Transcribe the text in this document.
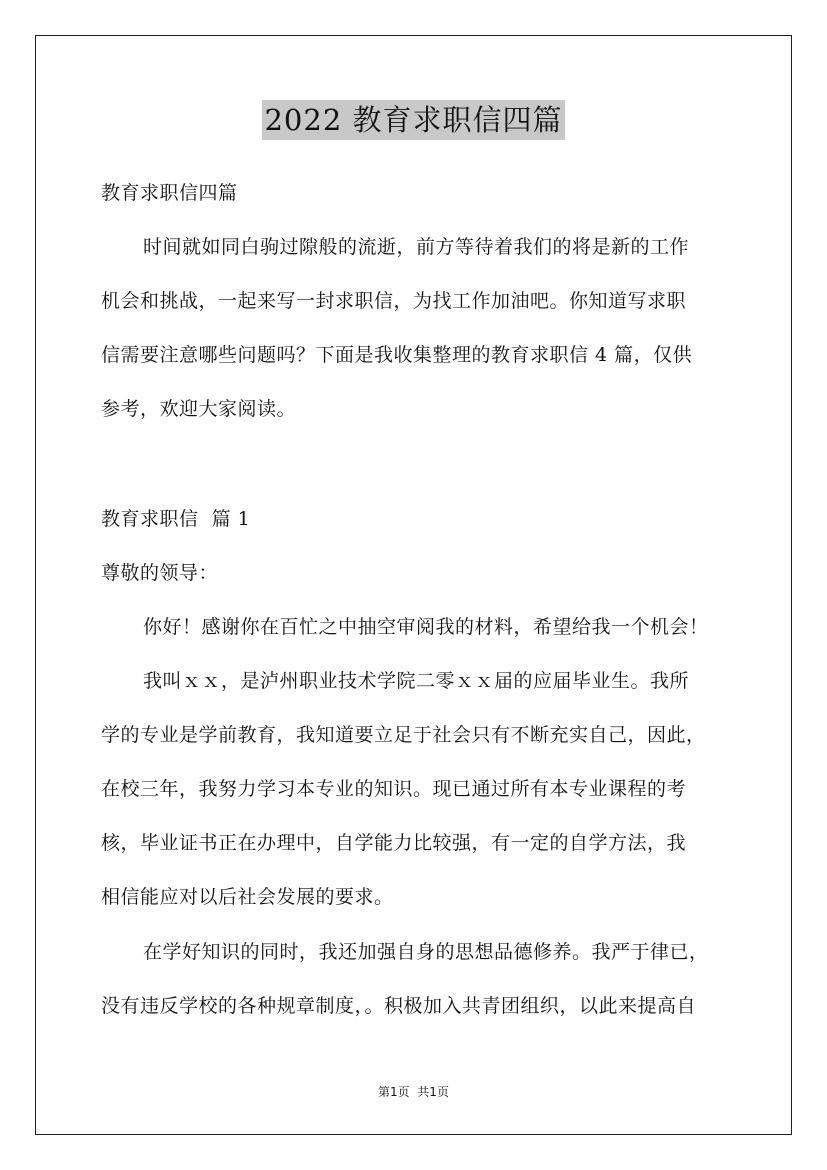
2022 教育求职信四篇
教育求职信四篇
时间就如同白驹过隙般的流逝，前方等待着我们的将是新的工作
机会和挑战，一起来写一封求职信，为找工作加油吧。你知道写求职
信需要注意哪些问题吗？下面是我收集整理的教育求职信 4 篇，仅供
参考，欢迎大家阅读。
教育求职信  篇 1
尊敬的领导：
你好！感谢你在百忙之中抽空审阅我的材料，希望给我一个机会！
我叫ｘｘ，是泸州职业技术学院二零ｘｘ届的应届毕业生。我所
学的专业是学前教育，我知道要立足于社会只有不断充实自己，因此，
在校三年，我努力学习本专业的知识。现已通过所有本专业课程的考
核，毕业证书正在办理中，自学能力比较强，有一定的自学方法，我
相信能应对以后社会发展的要求。
在学好知识的同时，我还加强自身的思想品德修养。我严于律已，
没有违反学校的各种规章制度，。积极加入共青团组织，以此来提高自
第1页  共1页
